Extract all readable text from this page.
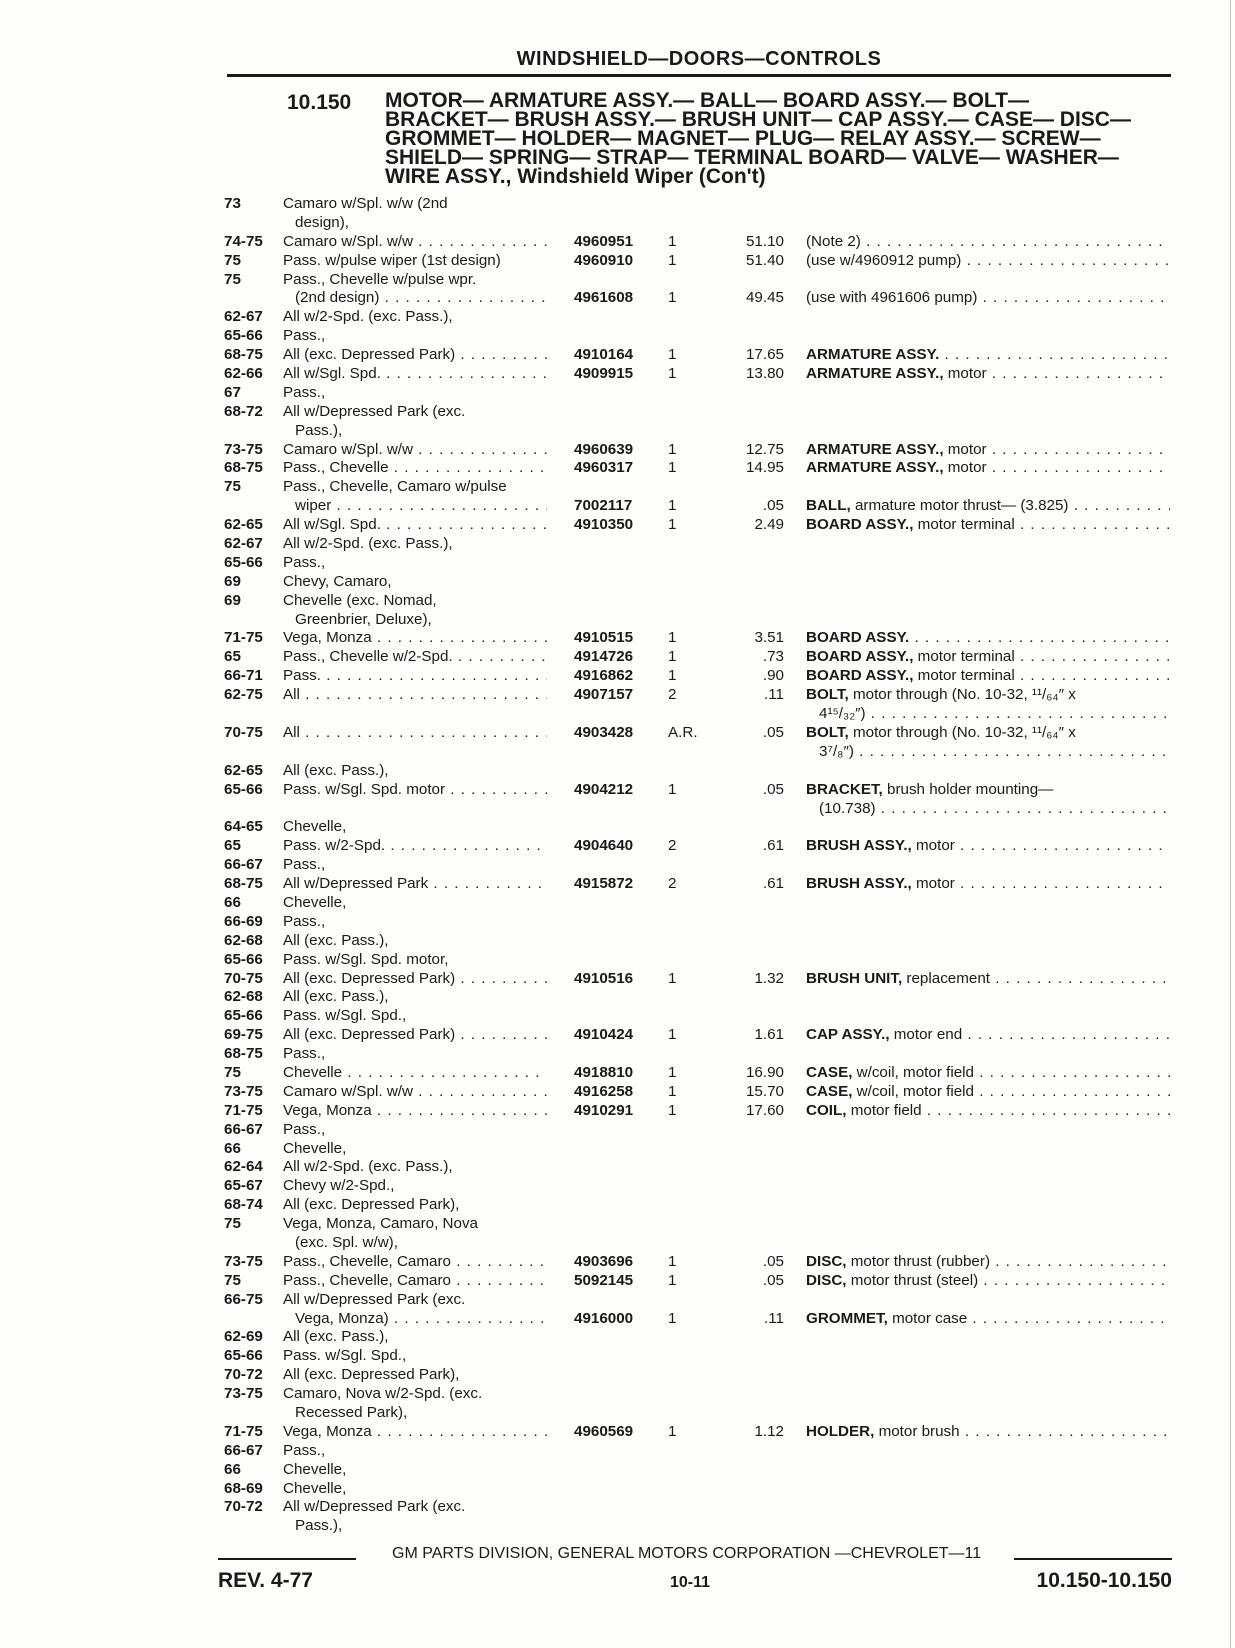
WINDSHIELD—DOORS—CONTROLS
10.150 MOTOR— ARMATURE ASSY.— BALL— BOARD ASSY.— BOLT—
BRACKET— BRUSH ASSY.— BRUSH UNIT— CAP ASSY.— CASE— DISC—
GROMMET— HOLDER— MAGNET— PLUG— RELAY ASSY.— SCREW—
SHIELD— SPRING— STRAP— TERMINAL BOARD— VALVE— WASHER—
WIRE ASSY., Windshield Wiper (Con't)
73	Camaro w/Spl. w/w (2nd
design),
74-75 Camaro w/Spl. w/w . . .	4960951 1	51.10 (Note 2) . . .
75	Pass. w/pulse wiper (1st design)	4960910 1	51.40 (use w/4960912 pump) . . .
75	Pass., Chevelle w/pulse wpr.
(2nd design) . . .	4961608 1	49.45 (use with 4961606 pump) . . .
62-67 All w/2-Spd. (exc. Pass.),
65-66 Pass.,
68-75 All (exc. Depressed Park) . . .	4910164 1	17.65 ARMATURE ASSY. . . .
62-66 All w/Sgl. Spd. . . .	4909915 1	13.80 ARMATURE ASSY., motor . . .
67	Pass.,
68-72 All w/Depressed Park (exc.
Pass.),
73-75 Camaro w/Spl. w/w . . .	4960639 1	12.75 ARMATURE ASSY., motor . . .
68-75 Pass., Chevelle . . .	4960317 1	14.95 ARMATURE ASSY., motor . . .
75	Pass., Chevelle, Camaro w/pulse
wiper . . .	7002117 1	.05 BALL, armature motor thrust— (3.825) . . .
62-65 All w/Sgl. Spd. . . .	4910350 1	2.49 BOARD ASSY., motor terminal . . .
62-67 All w/2-Spd. (exc. Pass.),
65-66 Pass.,
69	Chevy, Camaro,
69	Chevelle (exc. Nomad,
Greenbrier, Deluxe),
71-75 Vega, Monza . . .	4910515 1	3.51 BOARD ASSY. . . .
65	Pass., Chevelle w/2-Spd. . . .	4914726 1	.73 BOARD ASSY., motor terminal . . .
66-71 Pass. . . .	4916862 1	.90 BOARD ASSY., motor terminal . . .
62-75 All . . .	4907157 2	.11 BOLT, motor through (No. 10-32, ¹¹/₆₄″ x
4¹⁵/₃₂″) . . .
70-75 All . . .	4903428 A.R.	.05 BOLT, motor through (No. 10-32, ¹¹/₆₄″ x
3⁷/₈″) . . .
62-65 All (exc. Pass.),
65-66 Pass. w/Sgl. Spd. motor . . .	4904212 1	.05 BRACKET, brush holder mounting—
(10.738) . . .
64-65 Chevelle,
65	Pass. w/2-Spd. . . .	4904640 2	.61 BRUSH ASSY., motor . . .
66-67 Pass.,
68-75 All w/Depressed Park . . .	4915872 2	.61 BRUSH ASSY., motor . . .
66	Chevelle,
66-69 Pass.,
62-68 All (exc. Pass.),
65-66 Pass. w/Sgl. Spd. motor,
70-75 All (exc. Depressed Park) . . .	4910516 1	1.32 BRUSH UNIT, replacement . . .
62-68 All (exc. Pass.),
65-66 Pass. w/Sgl. Spd.,
69-75 All (exc. Depressed Park) . . .	4910424 1	1.61 CAP ASSY., motor end . . .
68-75 Pass.,
75	Chevelle . . .	4918810 1	16.90 CASE, w/coil, motor field . . .
73-75 Camaro w/Spl. w/w . . .	4916258 1	15.70 CASE, w/coil, motor field . . .
71-75 Vega, Monza . . .	4910291 1	17.60 COIL, motor field . . .
66-67 Pass.,
66	Chevelle,
62-64 All w/2-Spd. (exc. Pass.),
65-67 Chevy w/2-Spd.,
68-74 All (exc. Depressed Park),
75	Vega, Monza, Camaro, Nova
(exc. Spl. w/w),
73-75 Pass., Chevelle, Camaro . . .	4903696 1	.05 DISC, motor thrust (rubber) . . .
75	Pass., Chevelle, Camaro . . .	5092145 1	.05 DISC, motor thrust (steel) . . .
66-75 All w/Depressed Park (exc.
Vega, Monza) . . .	4916000 1	.11 GROMMET, motor case . . .
62-69 All (exc. Pass.),
65-66 Pass. w/Sgl. Spd.,
70-72 All (exc. Depressed Park),
73-75 Camaro, Nova w/2-Spd. (exc.
Recessed Park),
71-75 Vega, Monza . . .	4960569 1	1.12 HOLDER, motor brush . . .
66-67 Pass.,
66	Chevelle,
68-69 Chevelle,
70-72 All w/Depressed Park (exc.
Pass.),
GM PARTS DIVISION, GENERAL MOTORS CORPORATION —CHEVROLET—11
REV. 4-77	10-11	10.150-10.150
